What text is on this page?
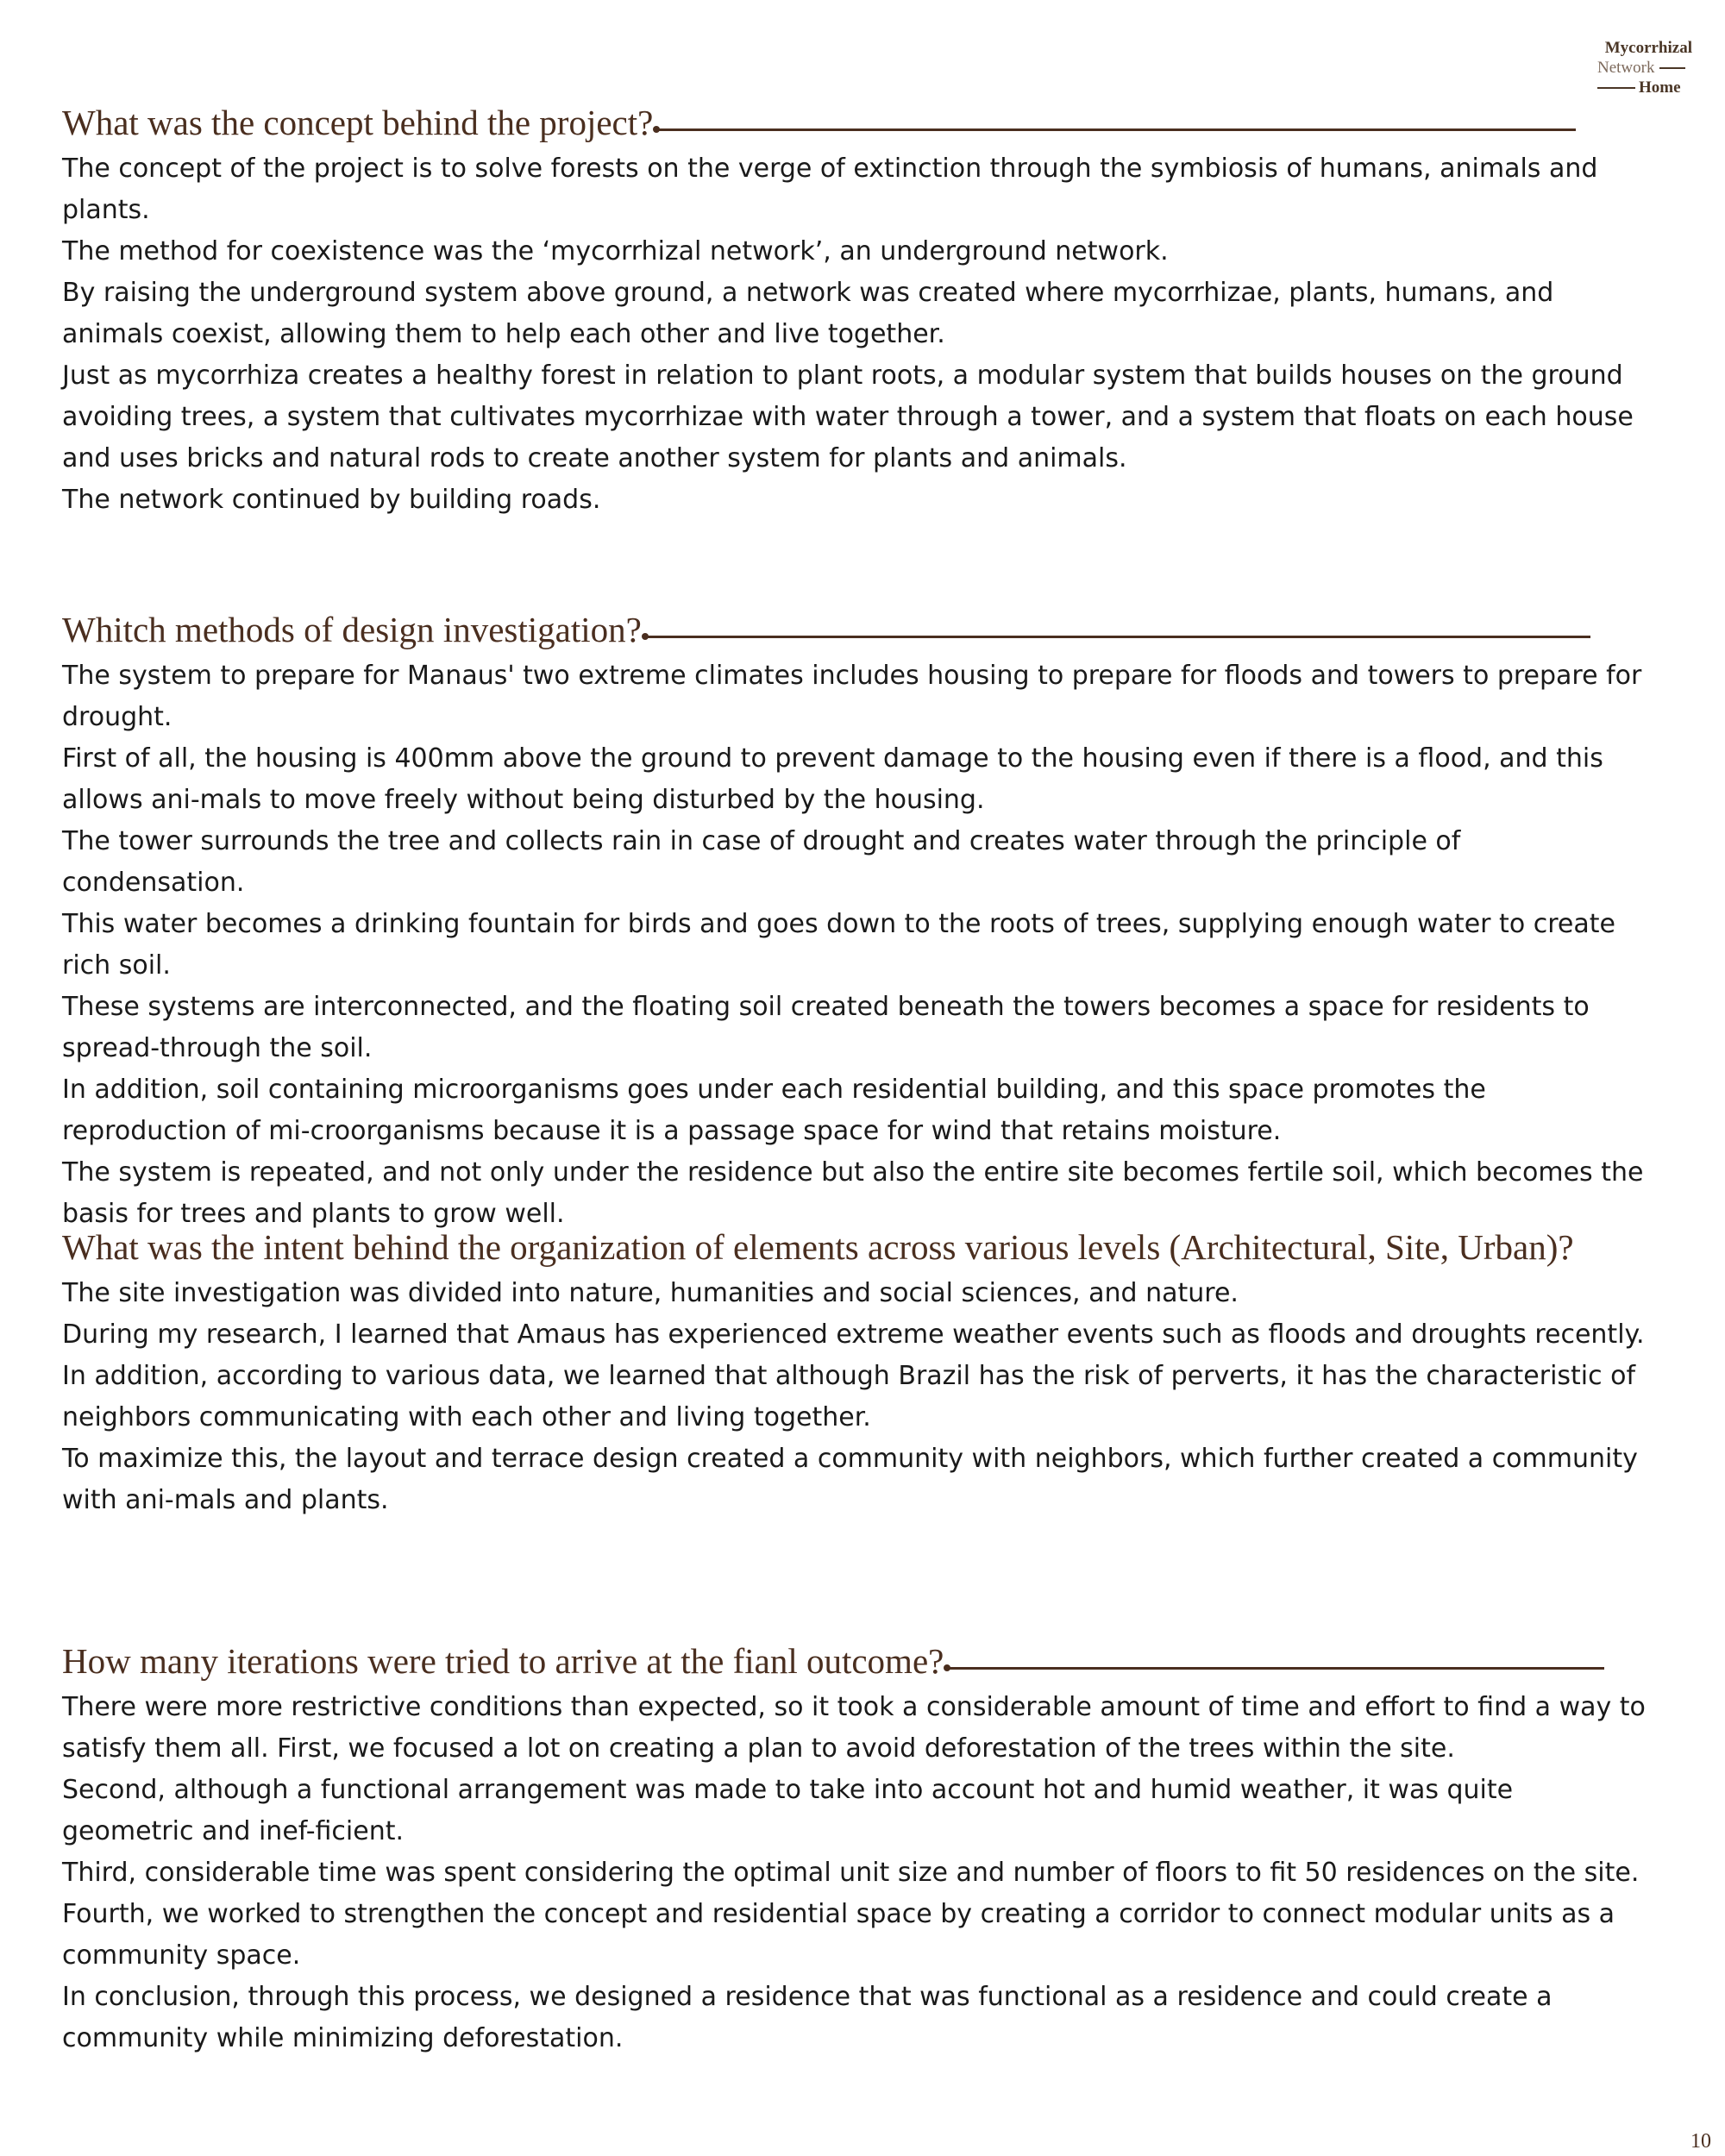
Mycorrhizal
Network
Home
What was the concept behind the project?

The concept of the project is to solve forests on the verge of extinction through the symbiosis of humans, animals and plants.

The method for coexistence was the ‘mycorrhizal network’, an underground network.

By raising the underground system above ground, a network was created where mycorrhizae, plants, humans, and animals coexist, allowing them to help each other and live together.

Just as mycorrhiza creates a healthy forest in relation to plant roots, a modular system that builds houses on the ground avoiding trees, a system that cultivates mycorrhizae with water through a tower, and a system that floats on each house and uses bricks and natural rods to create another system for plants and animals.

The network continued by building roads.

Whitch methods of design investigation?

The system to prepare for Manaus' two extreme climates includes housing to prepare for floods and towers to prepare for drought.

First of all, the housing is 400mm above the ground to prevent damage to the housing even if there is a flood, and this allows ani-mals to move freely without being disturbed by the housing.

The tower surrounds the tree and collects rain in case of drought and creates water through the principle of condensation.

This water becomes a drinking fountain for birds and goes down to the roots of trees, supplying enough water to create rich soil.

These systems are interconnected, and the floating soil created beneath the towers becomes a space for residents to spread-through the soil.

In addition, soil containing microorganisms goes under each residential building, and this space promotes the reproduction of mi-croorganisms because it is a passage space for wind that retains moisture.

The system is repeated, and not only under the residence but also the entire site becomes fertile soil, which becomes the basis for trees and plants to grow well.

What was the intent behind the organization of elements across various levels (Architectural, Site, Urban)?

The site investigation was divided into nature, humanities and social sciences, and nature.

During my research, I learned that Amaus has experienced extreme weather events such as floods and droughts recently.

In addition, according to various data, we learned that although Brazil has the risk of perverts, it has the characteristic of neighbors communicating with each other and living together.

To maximize this, the layout and terrace design created a community with neighbors, which further created a community with ani-mals and plants.

How many iterations were tried to arrive at the fianl outcome?

There were more restrictive conditions than expected, so it took a considerable amount of time and effort to find a way to satisfy them all. First, we focused a lot on creating a plan to avoid deforestation of the trees within the site.

Second, although a functional arrangement was made to take into account hot and humid weather, it was quite geometric and inef-ficient.

Third, considerable time was spent considering the optimal unit size and number of floors to fit 50 residences on the site.

Fourth, we worked to strengthen the concept and residential space by creating a corridor to connect modular units as a community space.

In conclusion, through this process, we designed a residence that was functional as a residence and could create a community while minimizing deforestation.

10
